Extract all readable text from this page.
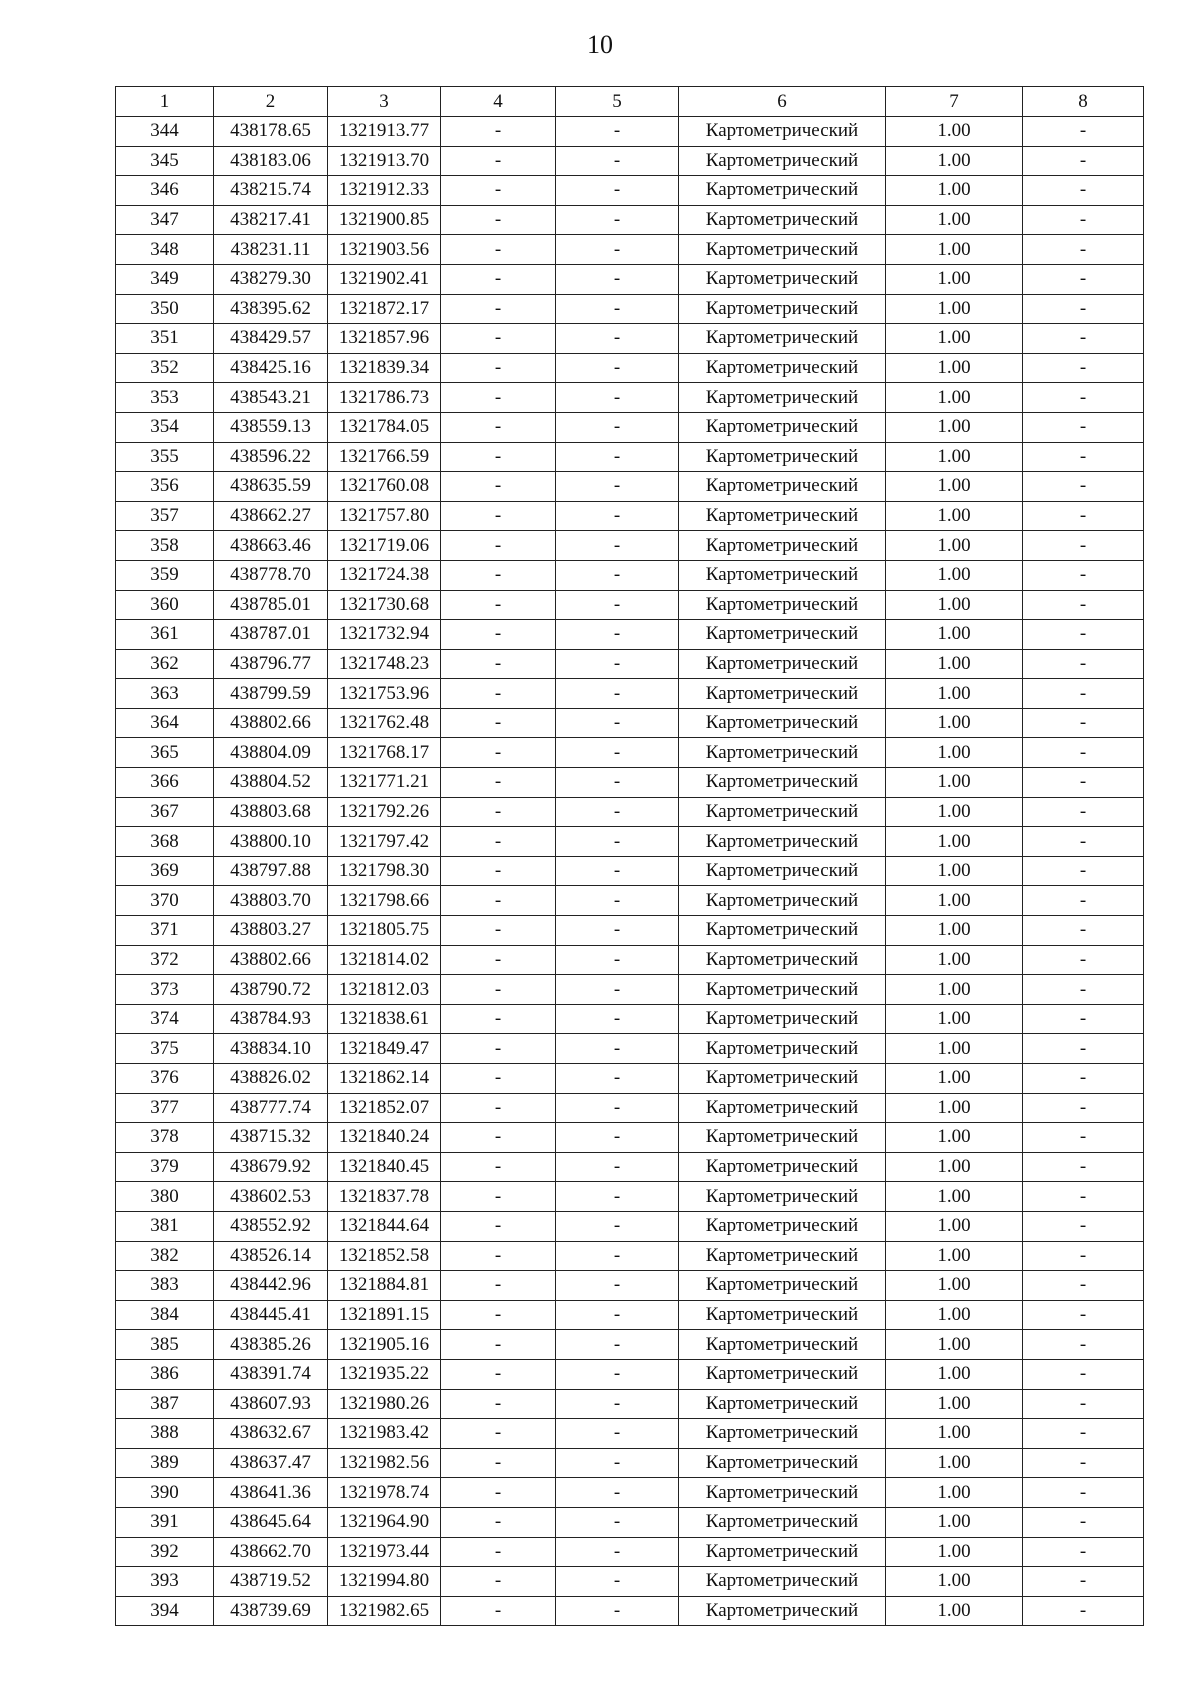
10
1	2	3	4	5	6	7	8
344	438178.65	1321913.77	-	-	Картометрический	1.00	-
345	438183.06	1321913.70	-	-	Картометрический	1.00	-
346	438215.74	1321912.33	-	-	Картометрический	1.00	-
347	438217.41	1321900.85	-	-	Картометрический	1.00	-
348	438231.11	1321903.56	-	-	Картометрический	1.00	-
349	438279.30	1321902.41	-	-	Картометрический	1.00	-
350	438395.62	1321872.17	-	-	Картометрический	1.00	-
351	438429.57	1321857.96	-	-	Картометрический	1.00	-
352	438425.16	1321839.34	-	-	Картометрический	1.00	-
353	438543.21	1321786.73	-	-	Картометрический	1.00	-
354	438559.13	1321784.05	-	-	Картометрический	1.00	-
355	438596.22	1321766.59	-	-	Картометрический	1.00	-
356	438635.59	1321760.08	-	-	Картометрический	1.00	-
357	438662.27	1321757.80	-	-	Картометрический	1.00	-
358	438663.46	1321719.06	-	-	Картометрический	1.00	-
359	438778.70	1321724.38	-	-	Картометрический	1.00	-
360	438785.01	1321730.68	-	-	Картометрический	1.00	-
361	438787.01	1321732.94	-	-	Картометрический	1.00	-
362	438796.77	1321748.23	-	-	Картометрический	1.00	-
363	438799.59	1321753.96	-	-	Картометрический	1.00	-
364	438802.66	1321762.48	-	-	Картометрический	1.00	-
365	438804.09	1321768.17	-	-	Картометрический	1.00	-
366	438804.52	1321771.21	-	-	Картометрический	1.00	-
367	438803.68	1321792.26	-	-	Картометрический	1.00	-
368	438800.10	1321797.42	-	-	Картометрический	1.00	-
369	438797.88	1321798.30	-	-	Картометрический	1.00	-
370	438803.70	1321798.66	-	-	Картометрический	1.00	-
371	438803.27	1321805.75	-	-	Картометрический	1.00	-
372	438802.66	1321814.02	-	-	Картометрический	1.00	-
373	438790.72	1321812.03	-	-	Картометрический	1.00	-
374	438784.93	1321838.61	-	-	Картометрический	1.00	-
375	438834.10	1321849.47	-	-	Картометрический	1.00	-
376	438826.02	1321862.14	-	-	Картометрический	1.00	-
377	438777.74	1321852.07	-	-	Картометрический	1.00	-
378	438715.32	1321840.24	-	-	Картометрический	1.00	-
379	438679.92	1321840.45	-	-	Картометрический	1.00	-
380	438602.53	1321837.78	-	-	Картометрический	1.00	-
381	438552.92	1321844.64	-	-	Картометрический	1.00	-
382	438526.14	1321852.58	-	-	Картометрический	1.00	-
383	438442.96	1321884.81	-	-	Картометрический	1.00	-
384	438445.41	1321891.15	-	-	Картометрический	1.00	-
385	438385.26	1321905.16	-	-	Картометрический	1.00	-
386	438391.74	1321935.22	-	-	Картометрический	1.00	-
387	438607.93	1321980.26	-	-	Картометрический	1.00	-
388	438632.67	1321983.42	-	-	Картометрический	1.00	-
389	438637.47	1321982.56	-	-	Картометрический	1.00	-
390	438641.36	1321978.74	-	-	Картометрический	1.00	-
391	438645.64	1321964.90	-	-	Картометрический	1.00	-
392	438662.70	1321973.44	-	-	Картометрический	1.00	-
393	438719.52	1321994.80	-	-	Картометрический	1.00	-
394	438739.69	1321982.65	-	-	Картометрический	1.00	-
